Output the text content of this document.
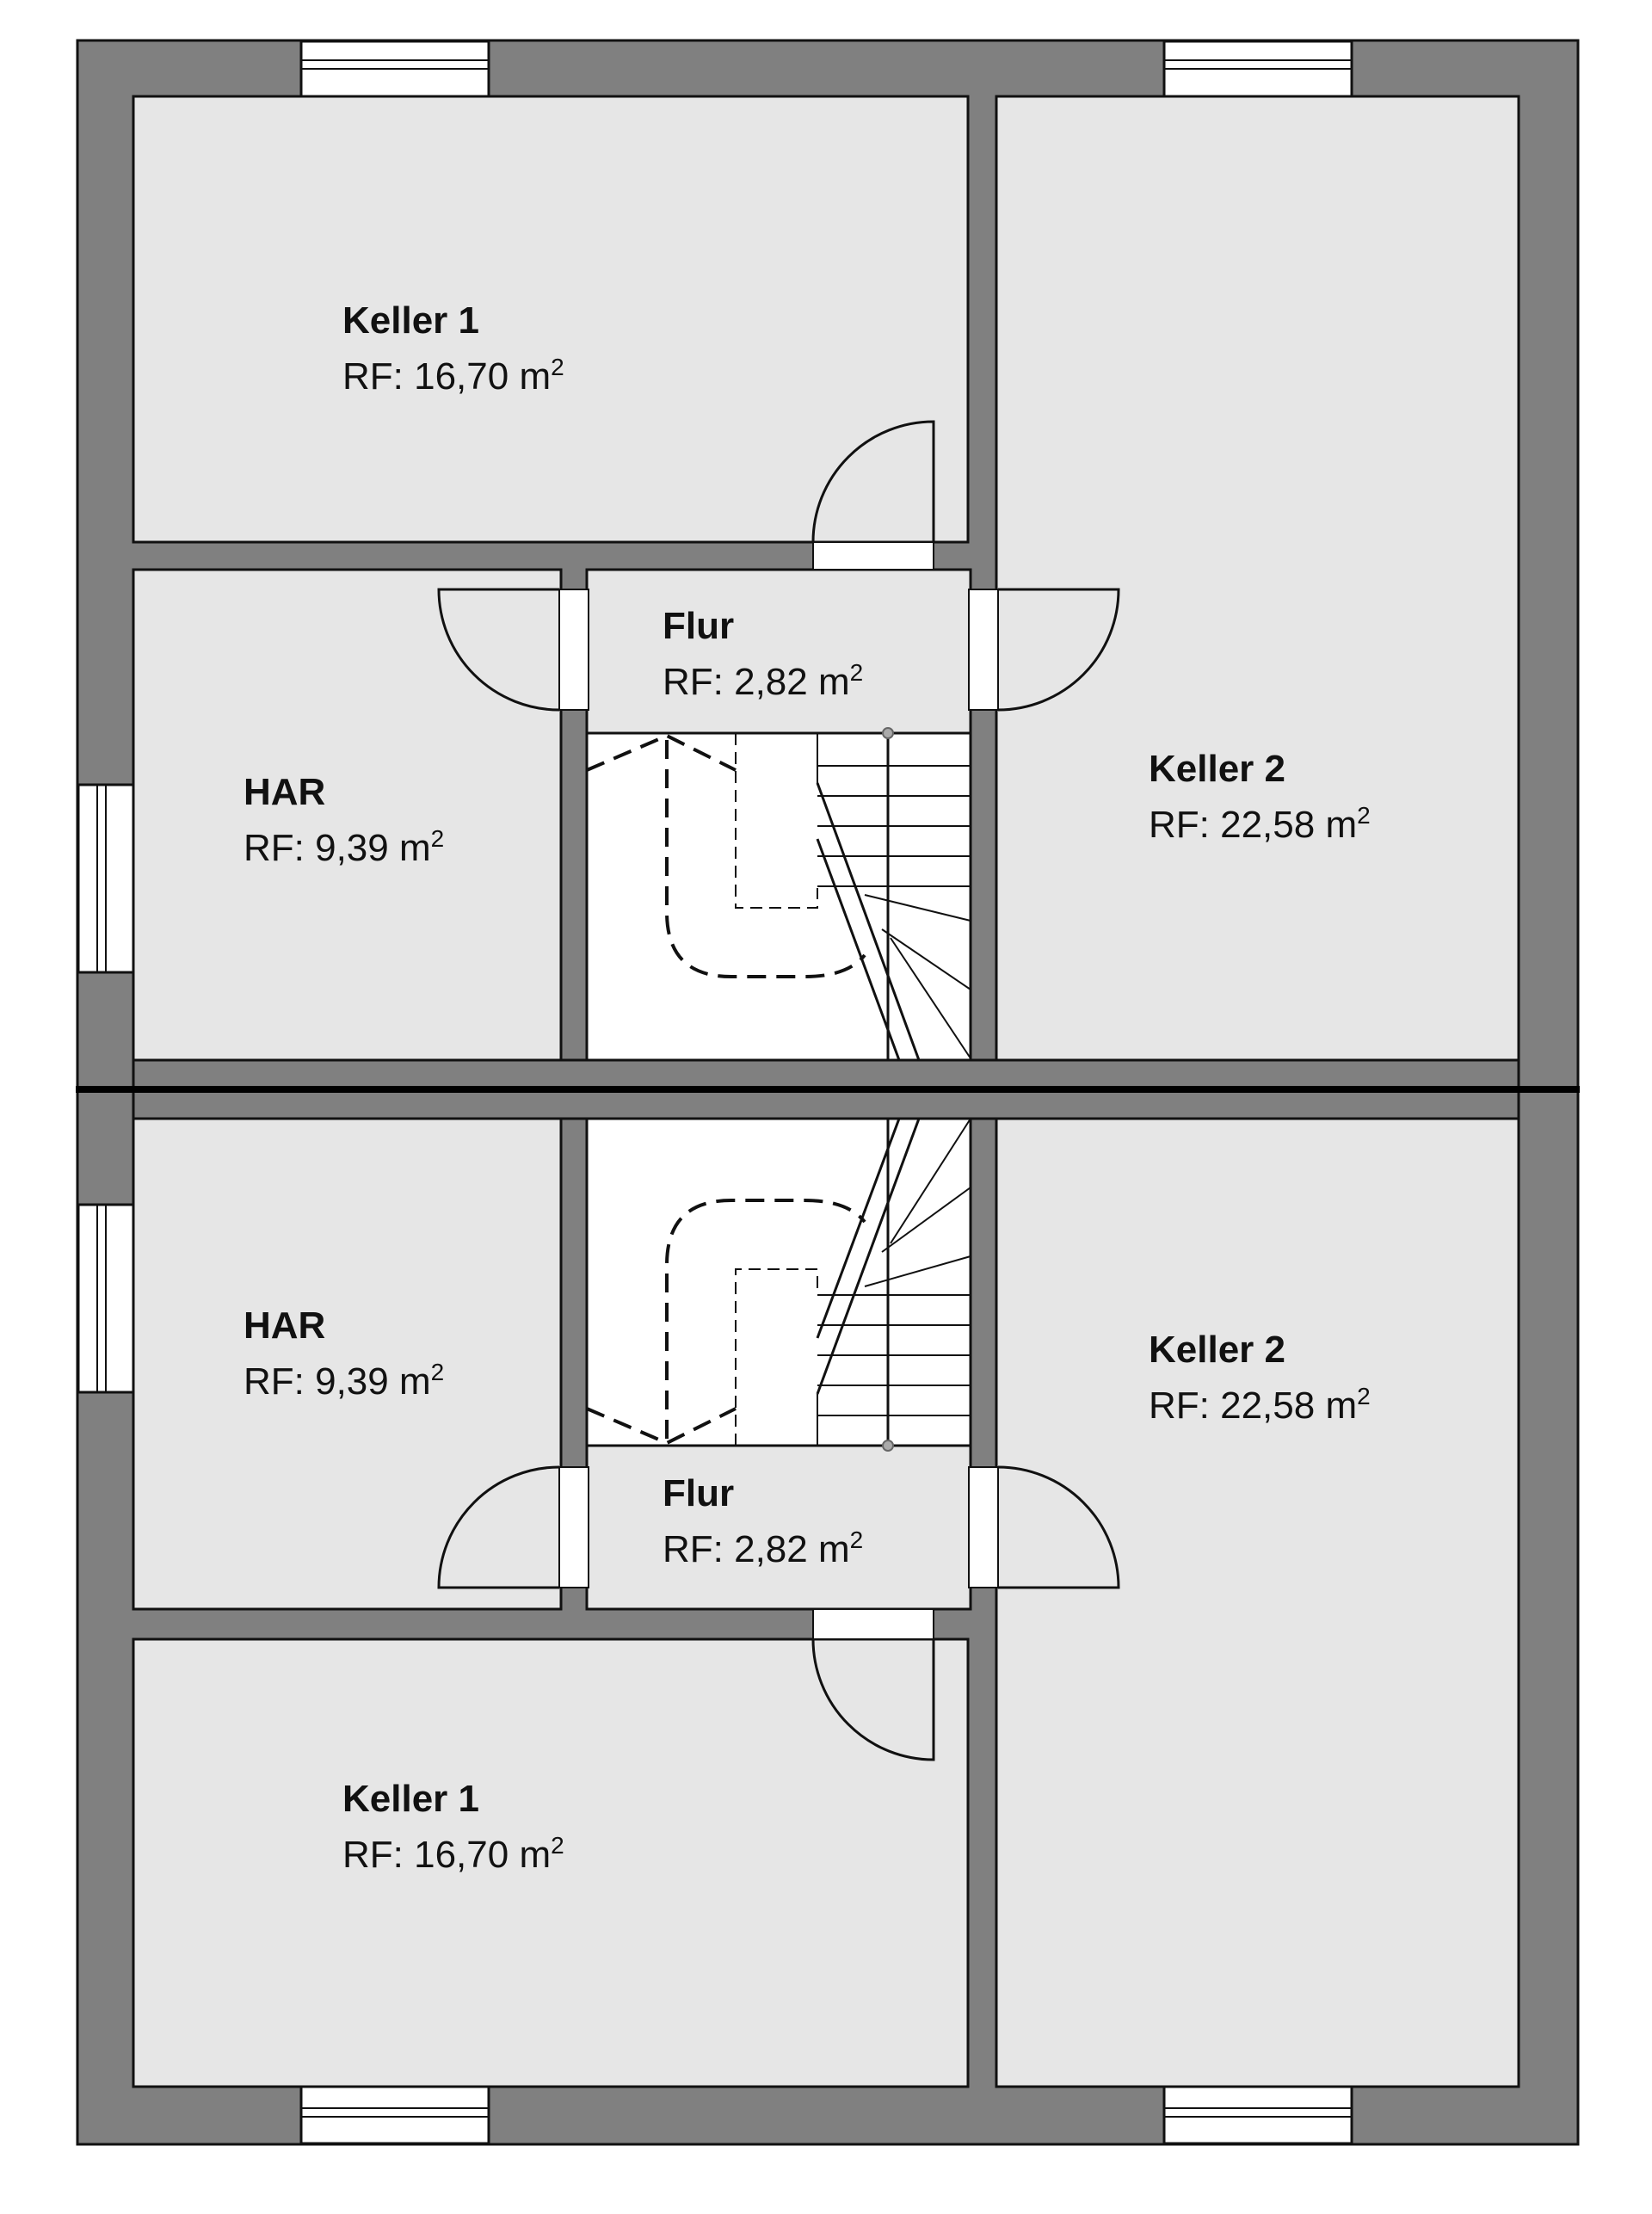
Keller 1
RF: 16,70 $m^2$
Flur
RF: 2,82 $m^2$
HAR
RF: 9,39 $m^2$
Keller 2
RF: 22,58 $m^2$
HAR
RF: 9,39 $m^2$
Keller 2
RF: 22,58 $m^2$
Flur
RF: 2,82 $m^2$
Keller 1
RF: 16,70 $m^2$
